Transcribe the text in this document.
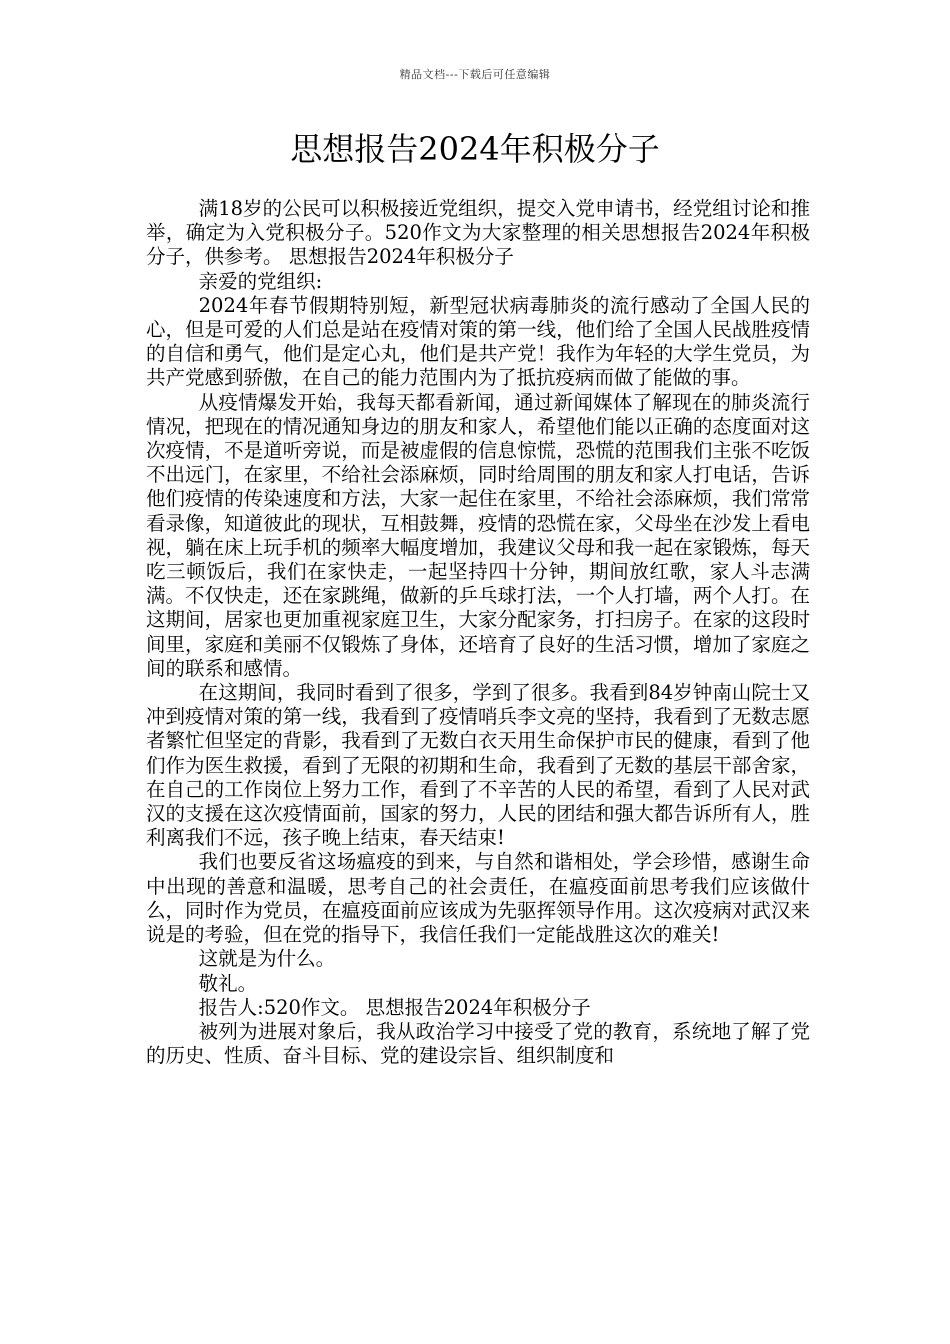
精品文档---下载后可任意编辑
思想报告2024年积极分子

满18岁的公民可以积极接近党组织，提交入党申请书，经党组讨论和推举，确定为入党积极分子。520作文为大家整理的相关思想报告2024年积极分子，供参考。 思想报告2024年积极分子

亲爱的党组织:

2024年春节假期特别短，新型冠状病毒肺炎的流行感动了全国人民的心，但是可爱的人们总是站在疫情对策的第一线，他们给了全国人民战胜疫情的自信和勇气，他们是定心丸，他们是共产党！我作为年轻的大学生党员，为共产党感到骄傲，在自己的能力范围内为了抵抗疫病而做了能做的事。

从疫情爆发开始，我每天都看新闻，通过新闻媒体了解现在的肺炎流行情况，把现在的情况通知身边的朋友和家人，希望他们能以正确的态度面对这次疫情，不是道听旁说，而是被虚假的信息惊慌，恐慌的范围我们主张不吃饭不出远门，在家里，不给社会添麻烦，同时给周围的朋友和家人打电话，告诉他们疫情的传染速度和方法，大家一起住在家里，不给社会添麻烦，我们常常看录像，知道彼此的现状，互相鼓舞，疫情的恐慌在家，父母坐在沙发上看电视，躺在床上玩手机的频率大幅度增加，我建议父母和我一起在家锻炼，每天吃三顿饭后，我们在家快走，一起坚持四十分钟，期间放红歌，家人斗志满满。不仅快走，还在家跳绳，做新的乒乓球打法，一个人打墙，两个人打。在这期间，居家也更加重视家庭卫生，大家分配家务，打扫房子。在家的这段时间里，家庭和美丽不仅锻炼了身体，还培育了良好的生活习惯，增加了家庭之间的联系和感情。

在这期间，我同时看到了很多，学到了很多。我看到84岁钟南山院士又冲到疫情对策的第一线，我看到了疫情哨兵李文亮的坚持，我看到了无数志愿者繁忙但坚定的背影，我看到了无数白衣天用生命保护市民的健康，看到了他们作为医生救援，看到了无限的初期和生命，我看到了无数的基层干部舍家，在自己的工作岗位上努力工作，看到了不辛苦的人民的希望，看到了人民对武汉的支援在这次疫情面前，国家的努力，人民的团结和强大都告诉所有人，胜利离我们不远，孩子晚上结束，春天结束!

我们也要反省这场瘟疫的到来，与自然和谐相处，学会珍惜，感谢生命中出现的善意和温暖，思考自己的社会责任，在瘟疫面前思考我们应该做什么，同时作为党员，在瘟疫面前应该成为先驱挥领导作用。这次疫病对武汉来说是的考验，但在党的指导下，我信任我们一定能战胜这次的难关!

这就是为什么。

敬礼。

报告人:520作文。 思想报告2024年积极分子

被列为进展对象后，我从政治学习中接受了党的教育，系统地了解了党的历史、性质、奋斗目标、党的建设宗旨、组织制度和
